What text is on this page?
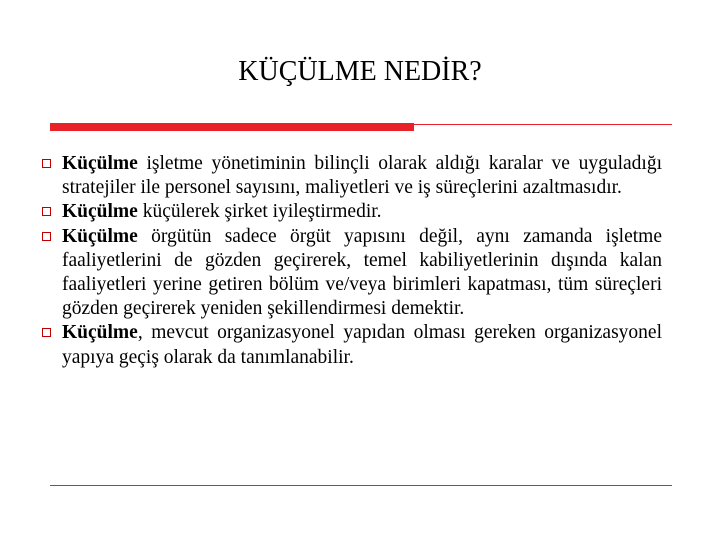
KÜÇÜLME NEDİR?
Küçülme işletme yönetiminin bilinçli olarak aldığı karalar ve uyguladığı stratejiler ile personel sayısını, maliyetleri ve iş süreçlerini azaltmasıdır.
Küçülme küçülerek şirket iyileştirmedir.
Küçülme örgütün sadece örgüt yapısını değil, aynı zamanda işletme faaliyetlerini de gözden geçirerek, temel kabiliyetlerinin dışında kalan faaliyetleri yerine getiren bölüm ve/veya birimleri kapatması, tüm süreçleri gözden geçirerek yeniden şekillendirmesi demektir.
Küçülme, mevcut organizasyonel yapıdan olması gereken organizasyonel yapıya geçiş olarak da tanımlanabilir.
